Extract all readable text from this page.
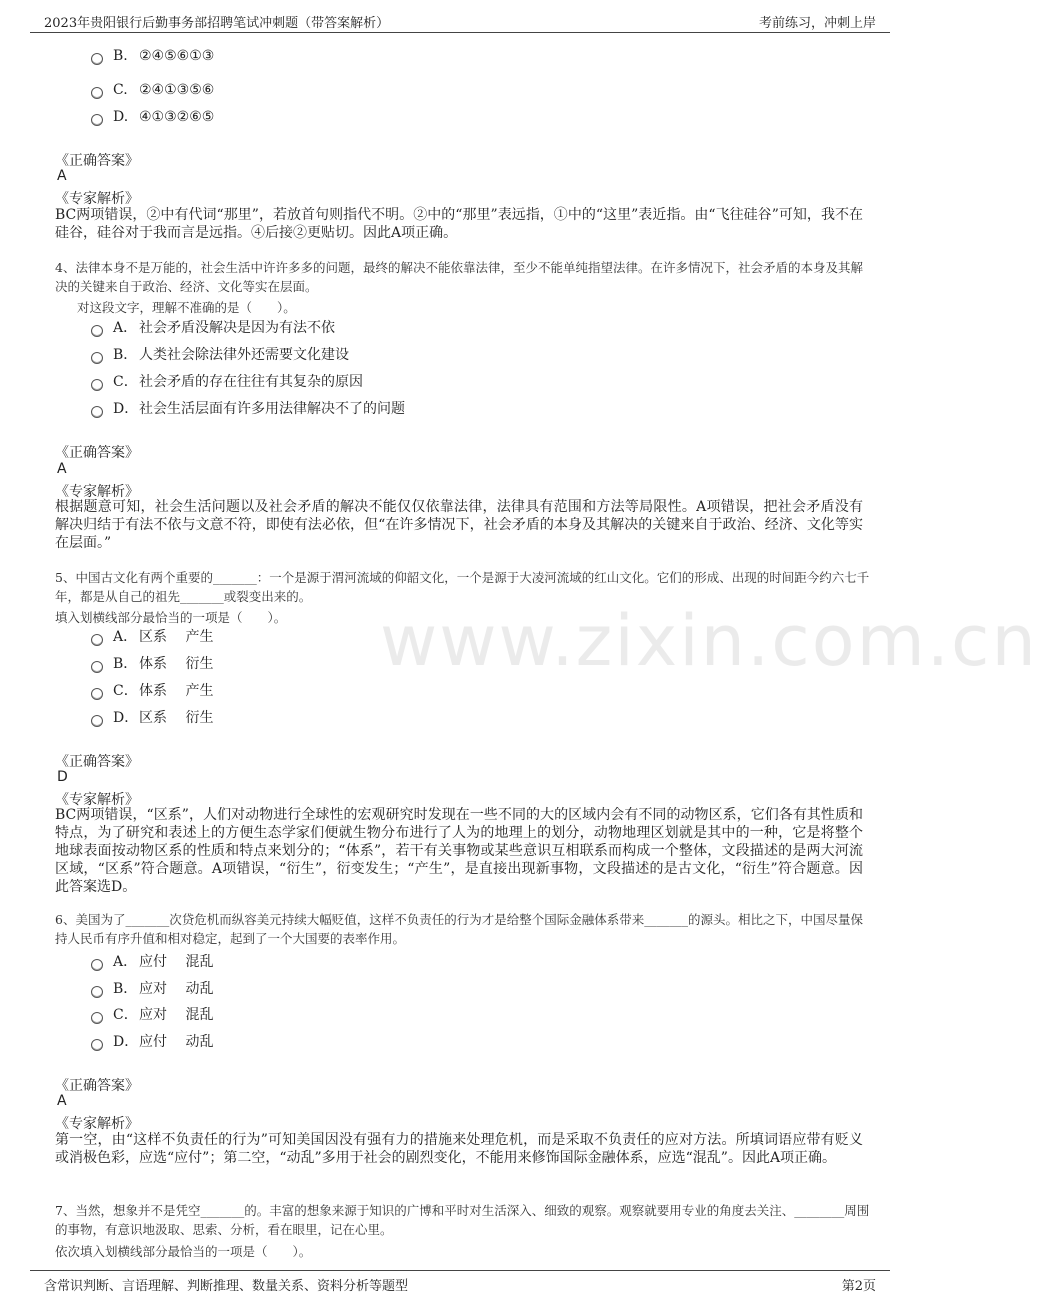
2023年贵阳银行后勤事务部招聘笔试冲刺题（带答案解析）	考前练习，冲刺上岸
www.zixin.com.cn
B. ②④⑤⑥①③
C. ②④①③⑤⑥
D. ④①③②⑥⑤
《正确答案》
A
《专家解析》
BC两项错误，②中有代词“那里”，若放首句则指代不明。②中的“那里”表远指，①中的“这里”表近指。由“飞往硅谷”可知，我不在硅谷，硅谷对于我而言是远指。④后接②更贴切。因此A项正确。
4、法律本身不是万能的，社会生活中许许多多的问题，最终的解决不能依靠法律，至少不能单纯指望法律。在许多情况下，社会矛盾的本身及其解决的关键来自于政治、经济、文化等实在层面。
对这段文字，理解不准确的是（　　）。
A． 社会矛盾没解决是因为有法不依
B． 人类社会除法律外还需要文化建设
C．社会矛盾的存在往往有其复杂的原因
D．社会生活层面有许多用法律解决不了的问题
《正确答案》
A
《专家解析》
根据题意可知，社会生活问题以及社会矛盾的解决不能仅仅依靠法律，法律具有范围和方法等局限性。A项错误，把社会矛盾没有解决归结于有法不依与文意不符，即使有法必依，但“在许多情况下，社会矛盾的本身及其解决的关键来自于政治、经济、文化等实在层面。”
5、中国古文化有两个重要的_______：一个是源于渭河流域的仰韶文化，一个是源于大凌河流域的红山文化。它们的形成、出现的时间距今约六七千年，都是从自己的祖先_______或裂变出来的。
填入划横线部分最恰当的一项是（　　）。
A． 区系　 产生
B． 体系　 衍生
C．体系　 产生
D．区系　 衍生
《正确答案》
D
《专家解析》
BC两项错误，“区系”，人们对动物进行全球性的宏观研究时发现在一些不同的大的区域内会有不同的动物区系，它们各有其性质和特点，为了研究和表述上的方便生态学家们便就生物分布进行了人为的地理上的划分，动物地理区划就是其中的一种，它是将整个地球表面按动物区系的性质和特点来划分的；“体系”，若干有关事物或某些意识互相联系而构成一个整体，文段描述的是两大河流区域，“区系”符合题意。A项错误，“衍生”，衍变发生；“产生”，是直接出现新事物，文段描述的是古文化，“衍生”符合题意。因此答案选D。
6、美国为了_______次贷危机而纵容美元持续大幅贬值，这样不负责任的行为才是给整个国际金融体系带来_______的源头。相比之下，中国尽量保持人民币有序升值和相对稳定，起到了一个大国要的表率作用。
A． 应付　 混乱
B． 应对　 动乱
C．应对　 混乱
D．应付　 动乱
《正确答案》
A
《专家解析》
第一空，由“这样不负责任的行为”可知美国因没有强有力的措施来处理危机，而是采取不负责任的应对方法。所填词语应带有贬义或消极色彩，应选“应付”；第二空，“动乱”多用于社会的剧烈变化，不能用来修饰国际金融体系，应选“混乱”。因此A项正确。
7、当然，想象并不是凭空_______的。丰富的想象来源于知识的广博和平时对生活深入、细致的观察。观察就要用专业的角度去关注、________周围的事物，有意识地汲取、思索、分析，看在眼里，记在心里。
依次填入划横线部分最恰当的一项是（　　）。
含常识判断、言语理解、判断推理、数量关系、资料分析等题型	第2页
